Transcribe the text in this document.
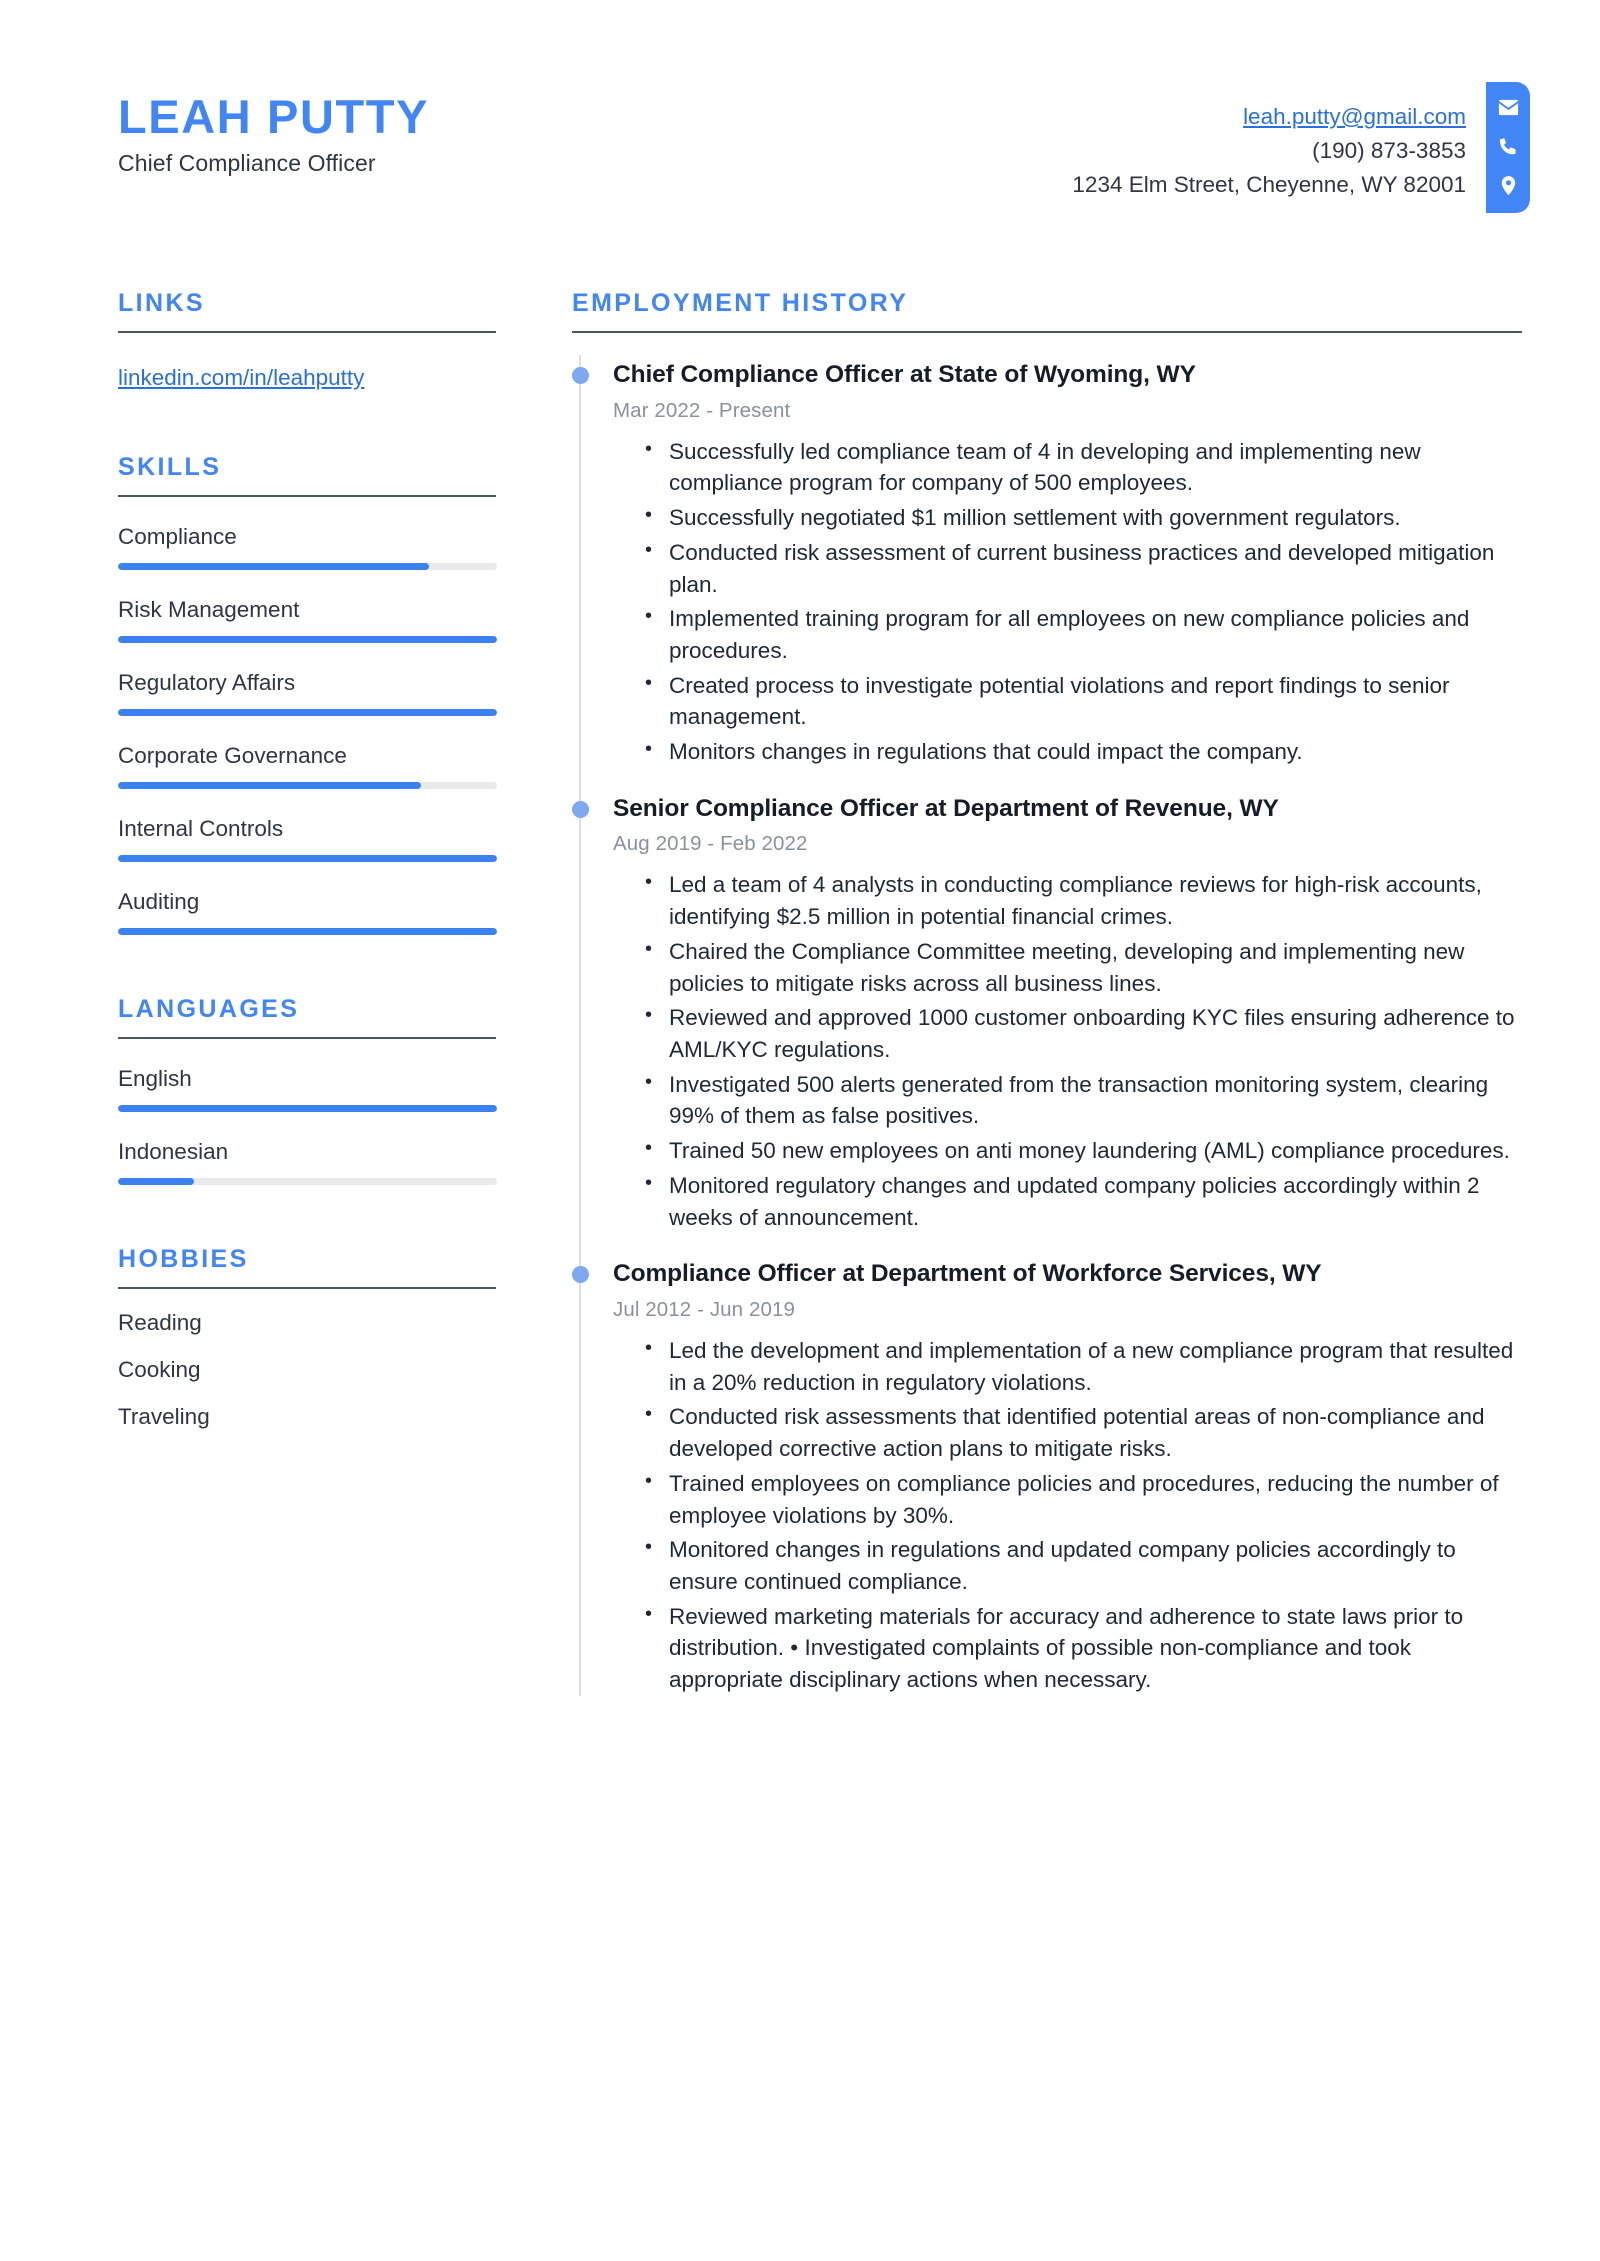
LEAH PUTTY
Chief Compliance Officer
leah.putty@gmail.com
(190) 873-3853
1234 Elm Street, Cheyenne, WY 82001
LINKS
linkedin.com/in/leahputty
SKILLS
Compliance
Risk Management
Regulatory Affairs
Corporate Governance
Internal Controls
Auditing
LANGUAGES
English
Indonesian
HOBBIES
Reading
Cooking
Traveling
EMPLOYMENT HISTORY
Chief Compliance Officer at State of Wyoming, WY
Mar 2022 - Present
• Successfully led compliance team of 4 in developing and implementing new compliance program for company of 500 employees.
• Successfully negotiated $1 million settlement with government regulators.
• Conducted risk assessment of current business practices and developed mitigation plan.
• Implemented training program for all employees on new compliance policies and procedures.
• Created process to investigate potential violations and report findings to senior management.
• Monitors changes in regulations that could impact the company.
Senior Compliance Officer at Department of Revenue, WY
Aug 2019 - Feb 2022
• Led a team of 4 analysts in conducting compliance reviews for high-risk accounts, identifying $2.5 million in potential financial crimes.
• Chaired the Compliance Committee meeting, developing and implementing new policies to mitigate risks across all business lines.
• Reviewed and approved 1000 customer onboarding KYC files ensuring adherence to AML/KYC regulations.
• Investigated 500 alerts generated from the transaction monitoring system, clearing 99% of them as false positives.
• Trained 50 new employees on anti money laundering (AML) compliance procedures.
• Monitored regulatory changes and updated company policies accordingly within 2 weeks of announcement.
Compliance Officer at Department of Workforce Services, WY
Jul 2012 - Jun 2019
• Led the development and implementation of a new compliance program that resulted in a 20% reduction in regulatory violations.
• Conducted risk assessments that identified potential areas of non-compliance and developed corrective action plans to mitigate risks.
• Trained employees on compliance policies and procedures, reducing the number of employee violations by 30%.
• Monitored changes in regulations and updated company policies accordingly to ensure continued compliance.
• Reviewed marketing materials for accuracy and adherence to state laws prior to distribution. • Investigated complaints of possible non-compliance and took appropriate disciplinary actions when necessary.
